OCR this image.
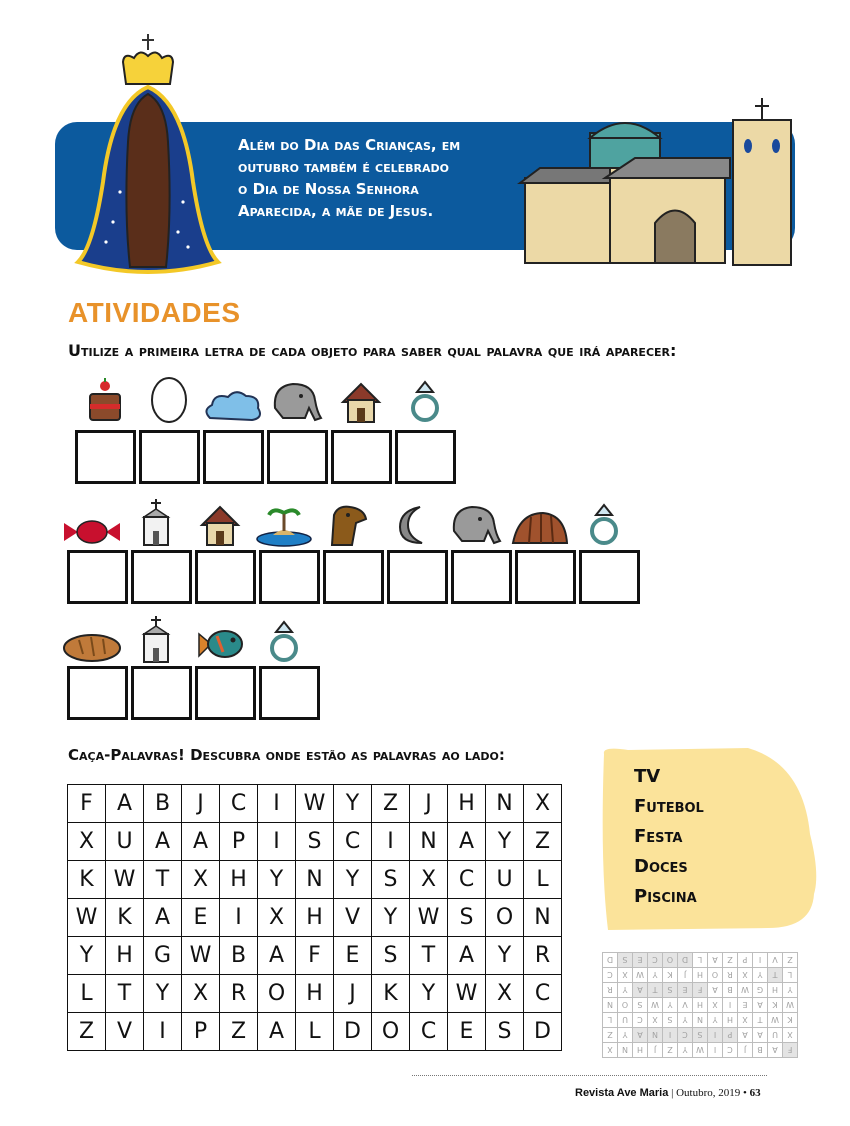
Além do Dia das Crianças, em
outubro também é celebrado
o Dia de Nossa Senhora
Aparecida, a mãe de Jesus.
ATIVIDADES
Utilize a primeira letra de cada objeto para saber qual palavra que irá aparecer:
Caça-Palavras! Descubra onde estão as palavras ao lado:
F	A	B	J	C	I	W	Y	Z	J	H	N	X
X	U	A	A	P	I	S	C	I	N	A	Y	Z
K	W	T	X	H	Y	N	Y	S	X	C	U	L
W	K	A	E	I	X	H	V	Y	W	S	O	N
Y	H	G	W	B	A	F	E	S	T	A	Y	R
L	T	Y	X	R	O	H	J	K	Y	W	X	C
Z	V	I	P	Z	A	L	D	O	C	E	S	D
TV
Futebol
Festa
Doces
Piscina
F	A	B	J	C	I	W	Y	Z	J	H	N	X
X	U	A	A	P	I	S	C	I	N	A	Y	Z
K	W	T	X	H	Y	N	Y	S	X	C	U	L
W	K	A	E	I	X	H	V	Y	W	S	O	N
Y	H	G	W	B	A	F	E	S	T	A	Y	R
L	T	Y	X	R	O	H	J	K	Y	W	X	C
Z	V	I	P	Z	A	L	D	O	C	E	S	D
Revista Ave Maria | Outubro, 2019 • 63
